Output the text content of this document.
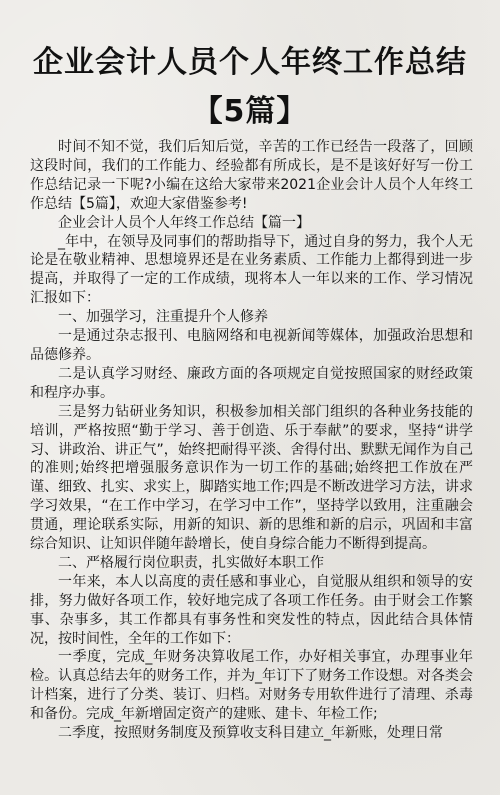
企业会计人员个人年终工作总结【5篇】

时间不知不觉，我们后知后觉，辛苦的工作已经告一段落了，回顾这段时间，我们的工作能力、经验都有所成长，是不是该好好写一份工作总结记录一下呢?小编在这给大家带来2021企业会计人员个人年终工作总结【5篇】，欢迎大家借鉴参考!

企业会计人员个人年终工作总结【篇一】

_年中，在领导及同事们的帮助指导下，通过自身的努力，我个人无论是在敬业精神、思想境界还是在业务素质、工作能力上都得到进一步提高，并取得了一定的工作成绩，现将本人一年以来的工作、学习情况汇报如下：

一、加强学习，注重提升个人修养

一是通过杂志报刊、电脑网络和电视新闻等媒体，加强政治思想和品德修养。

二是认真学习财经、廉政方面的各项规定自觉按照国家的财经政策和程序办事。

三是努力钻研业务知识，积极参加相关部门组织的各种业务技能的培训，严格按照“勤于学习、善于创造、乐于奉献”的要求，坚持“讲学习、讲政治、讲正气”，始终把耐得平淡、舍得付出、默默无闻作为自己的准则;始终把增强服务意识作为一切工作的基础;始终把工作放在严谨、细致、扎实、求实上，脚踏实地工作;四是不断改进学习方法，讲求学习效果，“在工作中学习，在学习中工作”，坚持学以致用，注重融会贯通，理论联系实际，用新的知识、新的思维和新的启示，巩固和丰富综合知识、让知识伴随年龄增长，使自身综合能力不断得到提高。

二、严格履行岗位职责，扎实做好本职工作

一年来，本人以高度的责任感和事业心，自觉服从组织和领导的安排，努力做好各项工作，较好地完成了各项工作任务。由于财会工作繁事、杂事多，其工作都具有事务性和突发性的特点，因此结合具体情况，按时间性，全年的工作如下：

一季度，完成_年财务决算收尾工作，办好相关事宜，办理事业年检。认真总结去年的财务工作，并为_年订下了财务工作设想。对各类会计档案，进行了分类、装订、归档。对财务专用软件进行了清理、杀毒和备份。完成_年新增固定资产的建账、建卡、年检工作;

二季度，按照财务制度及预算收支科目建立_年新账，处理日常
